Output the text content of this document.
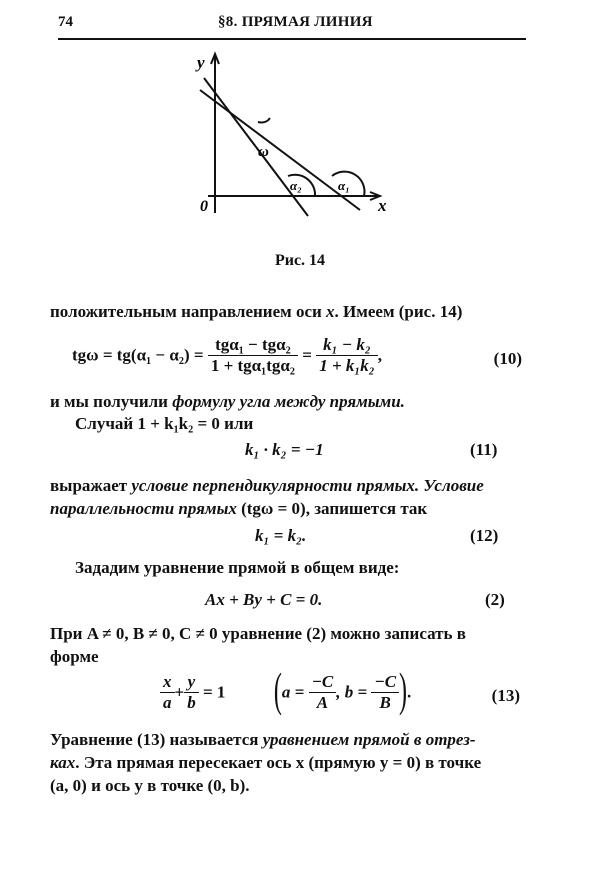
74	§8. ПРЯМАЯ ЛИНИЯ
y
x
0
ω
α₂	α₁
Рис. 14
положительным направлением оси x. Имеем (рис. 14)
$tg\omega = tg(\alpha_1 - \alpha_2) = \frac{\text{tgα₁ − tgα₂}}{\text{1 + tgα₁tgα₂}} = \frac{\text{k₁ − k₂}}{\text{1 + k₁k₂}}$ ,	(10)
и мы получили формулу угла между прямыми.
Случай 1 + k₁k₂ = 0 или
k₁ · k₂ = −1	(11)
выражает условие перпендикулярности прямых. Условие
параллельности прямых (tgω = 0), запишется так
k₁ = k₂.	(12)
Зададим уравнение прямой в общем виде:
Ax + By + C = 0.	(2)
При A ≠ 0, B ≠ 0, C ≠ 0 уравнение (2) можно записать в
форме
$\frac{x}{a} + \frac{y}{b} = 1$ ($a = \frac{-C}{A}$ , $b = \frac{-C}{B}$ ).	(13)
Уравнение (13) называется уравнением прямой в отрез-
ках. Эта прямая пересекает ось x (прямую y = 0) в точке
(a, 0) и ось y в точке (0, b).
